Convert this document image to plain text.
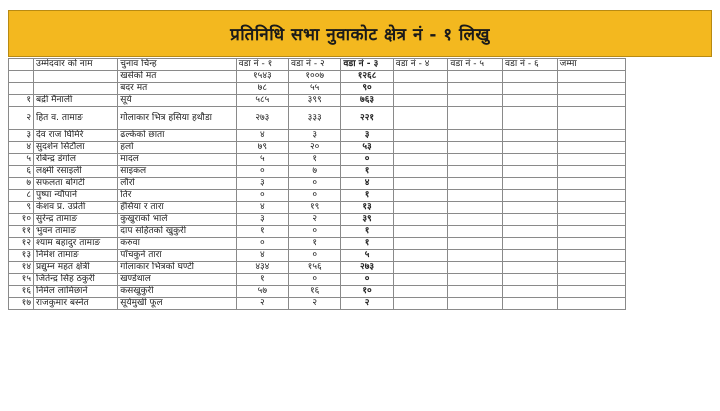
प्रतिनिधि सभा नुवाकोट क्षेत्र नं - १ लिखु
	उम्मेदवार को नाम	चुनाव चिन्ह	वडा नं - १	वडा नं - २	वडा नं - ३	वडा नं - ४	वडा नं - ५	वडा नं - ६	जम्मा
		खसेको मत	१५४३	१००७	१२६८				
		बदर मत	७८	५५	९०				
१	बद्री मैनाली	सूर्य	५८५	३९९	७६३				
२	हित व. तामाङ	गोलाकार भित्र हसिया हथौडा	२७३	३३३	२२१				
३	देव राज घिमिरे	ढल्केको छाता	४	३	३				
४	सुदर्शन सिटौला	हलो	७९	२०	५३				
५	रबिन्द्र डंगोल	मादल	५	१	०				
६	लक्ष्मी रसाइली	साइकल	०	७	१				
७	सफलता बोगटी	लौरो	३	०	४				
८	पुष्पा न्यौपाने	तिर	०	०	१				
९	केशव प्र. उप्रेती	हँसिया र तारा	४	१९	१३				
१०	सुरेन्द्र तामाङ	कुखुराको भाले	३	२	३९				
११	भुवन तामाङ	दाप सहितको खुकुरी	१	०	१				
१२	श्याम बहादुर तामाङ	करुवा	०	१	१				
१३	निमेश तामाङ	पाँचकुने तारा	४	०	५				
१४	प्रद्युम्न महत क्षेत्री	गोलाकार भित्रको घण्टी	४३४	१५६	२७३				
१५	जितेन्द्र सिंह ठकुरी	खण्डेथाल	१	०	०				
१६	निर्मल लामिछाने	कसखुकुरी	५७	१६	१०				
१७	राजकुमार बस्नेत	सूर्यमुखी फूल	२	२	२				
